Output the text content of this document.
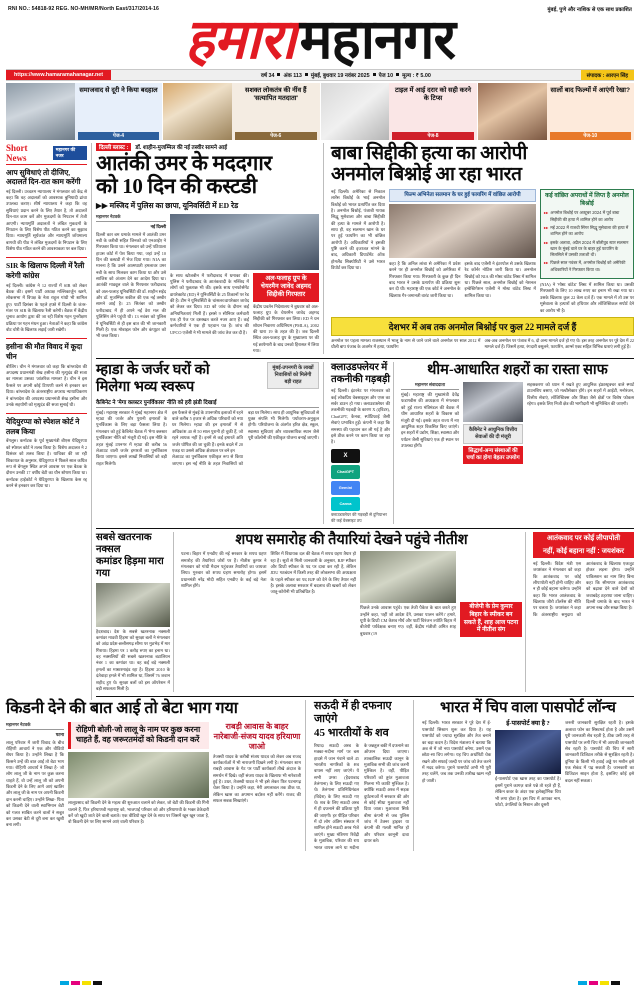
RNI NO.: 54818-92 REG. NO-MH/MR/North East/317/2014-16	मुंबई, पुणे और नाशिक से एक साथ प्रकाशित
हमारा महानगर
https://www.hamaramahanagar.net	वर्ष 34 अंक 113 मुंबई, बुधवार 19 नवंबर 2025 पेज 10 मूल्य : ₹ 5.00	संपादक : आरएन सिंह
समाजवाद से दूरी ने किया बदहाल
पेज-4
सशक्त लोकतंत्र की नींव हैं 'सत्यापित मतदाता'
पेज-6
टाइल में आई दरार को सही करने के टिप्स
पेज-8
सालों बाद फिल्मों में आएंगी रेखा?
पेज-10
Short News
महानगर की नजर
आप सुविधाएं तो दीजिए, अदालतें दिन-रात काम करेंगी
नई दिल्ली। उच्चतम न्यायालय ने मंगलवार को केंद्र से कहा कि वह अदालतों को आवश्यक बुनियादी ढांचा उपलब्ध कराए। शीर्ष न्यायालय ने कहा कि वह सुविधाएं प्रदान करने के लिए तैयार है, तो अदालतें दिन-रात काम करें और मुकदमों के निपटान में तेजी आएगी। न्यायमूर्ति अदालतों ने लंबित मुकदमों के निपटान के लिए विशेष पीठ गठित करने का सुझाव दिया। न्यायमूर्ति सूर्यकांत और न्यायमूर्ति जॉयमाल्य बागची की पीठ ने लंबित मुकदमों के निपटान के लिए विशेष पीठ गठित करने की आवश्यकता पर बल दिया।
SIR के खिलाफ दिल्ली में रैली करेगी कांग्रेस
नई दिल्ली। कांग्रेस ने 12 राज्यों में SIR को लेकर बैठक की। इसमें पार्टी अध्यक्ष मल्लिकार्जुन खरगे, लोकसभा में विपक्ष के नेता राहुल गांधी भी शामिल हुए। पार्टी दिसंबर के पहले हफ्ते में दिल्ली के जंतर-मंतर पर SIR के खिलाफ रैली करेगी। बैठक में केंद्रीय चुनाव आयोग द्वारा की जा रही विशेष गहन पुनरीक्षण प्रक्रिया पर गहन मंथन हुआ। नेताओं ने कहा कि कांग्रेस वोट चोरी के खिलाफ लड़ाई जारी रखेगी।
हसीना की मौत विवाद में कूदा चीन
बीजिंग। चीन ने मंगलवार को कहा कि बांग्लादेश की अपदस्थ प्रधानमंत्री शेख हसीना की मृत्युदंड की सजा का मामला उसका 'आंतरिक मामला' है। चीन ने इस फैसले पर अपनी कोई टिप्पणी करने से इनकार कर दिया। बांग्लादेश के अंतरराष्ट्रीय अपराध न्यायाधिकरण ने बांग्लादेश की अपदस्थ प्रधानमंत्री शेख हसीना और उनके सहयोगी को मृत्युदंड की सजा सुनाई थी।
येदियुरप्पा को स्पेशल कोर्ट ने तलब किया
बेंगलुरु। कर्नाटक के पूर्व मुख्यमंत्री बीएस येदियुरप्पा को स्पेशल कोर्ट ने तलब किया है। विशेष अदालत ने 2 दिसंबर को तलब किया है। याचिका की जा रही शिकायत के अनुसार, येदियुरप्पा ने पिछले साल कथित रूप से बेंगलुरु स्थित अपने आवास पर एक बैठक के दौरान उनकी 17 वर्षीय बेटी का यौन शोषण किया था। कर्नाटक हाईकोर्ट ने येदियुरप्पा के खिलाफ केस रद्द करने से इनकार कर दिया था।
दिल्ली ब्लास्ट :	डॉ. शाहीन-मुजम्मिल की नई तस्वीर सामने आई
आतंकी उमर के मददगार
को 10 दिन की कस्टडी
▶▶ मस्जिद में पुलिस का छापा, यूनिवर्सिटी में ED रेड
महानगर नेटवर्क
नई दिल्ली
दिल्ली कार बम धमाके मामले में आतंकी उमर नबी के करीबी सहित जिनको को एनआईए ने गिरफ्तार किया था। मंगलवार को उन्हें पटियाला हाउस कोर्ट में पेश किया गया, जहां उन्हें 10 दिन की कस्टडी में भेज दिया गया। NIA का मानना है कि उसने आत्मघाती हमलावर उमर नबी के साथ मिलकर काम किया था और उसे साजिश को अंजाम देने का आदेश दिया था। आतंकी माड्यूल वाले के गिरफ्तार फरीदाबाद को अल-फलाह यूनिवर्सिटी की डॉ. शाहीन सईद और डॉ. मुजम्मिल शकील की एक नई तस्वीर सामने आई है। 25 सितंबर को तस्वीर फरीदाबाद में ही अपने नई डेरा मल की पुलिसिंग लेने पहुंची थी। 13 नवंबर को पुलिस ने यूनिवर्सिटी से ही इस बात की भी जानकारी मिली है। एक मोबाइल फोन और कंप्यूटर को भी जब्त किया।
के साथ खोजबीन में फरीदाबाद में धमाका की। पुलिस ने फरीदाबाद के आतंकवादी के मस्जिद में लोगों को पूछताछ भी की। इसके साथ एनफोर्समेंट डायरेक्टरेट (ED) ने यूनिवर्सिटी के 25 ठिकानों पर रेड की है। टीम ने यूनिवर्सिटी के चांसलर/डायरेक्टर जावेद को लेकर कर दिया। ED को जांच के दौरान कई अनियमितताएं मिलीं हैं। इससे 9 सीनियर कर्मचारी एक ही पेज पर दस्तखत करते नजर आए हैं। कई कर्मचारियों ने एक ही पहचान पत्र हैं। जांच की UPCO एजेंसी ने भी मामले की जांच तेज कर दी है।
अल-फलाह ग्रुप के चेयरमैन जावेद अहमद सिद्दीकी गिरफ्तार
केंद्रीय प्रवर्तन निदेशालय ने बुधवार को अल-फलाह ग्रुप के चेयरमैन जावेद अहमद सिद्दीकी को गिरफ्तार कर लिया। ED ने धन शोधन निवारण अधिनियम (PMLA), 2002 की धारा 19 के तहत की है। जब दिल्ली स्थित अल-फलाह ग्रुप के मुख्यालय पर की गई छापेमारी के बाद उनको हिरासत में लिया गया।
बाबा सिद्दीकी हत्या का आरोपी
अनमोल बिश्नोई आ रहा भारत
नई दिल्ली। अमेरिका से निकाल लारेंस बिश्नोई के भाई अनमोल बिश्नोई को भारत प्रत्यर्पित कर दिया है। अनमोल बिश्नोई, पंजाबी गायक सिद्धू मूसेवाला और बाबा सिद्दीकी की हत्या के मामले में आरोपी है। साथ ही, वह सलमान खान के घर पर हुई फायरिंग का भी वांछित आरोपी है। अधिकारियों ने इसकी पुष्टि करने की इजाजत मांगने के बाद, अधिकारी डिपार्टमेंट ऑफ होमलैंड सिक्योरिटी ने उसे भारत डिपोर्ट कर दिया था।
फिल्म अभिनेता सलमान के घर हुई फायरिंग में वांछित आरोपी
कहा है कि अनिल लांबा से अमेरिका में प्रवेश करने पर ही अनमोल बिश्नोई को अमेरिका में गिरफ्तार किया गया। गिरफ्तारी के कुछ ही दिन बाद भारत ने उसके प्रत्यर्पण की प्रक्रिया शुरू कर दी थी। महाराष्ट्र की एक कोर्ट ने अनमोल के खिलाफ गैर-जमानती वारंट जारी किया था।
इसके बाद एजेंसी ने इंटरपोल से उसके खिलाफ रेड कॉर्नर नोटिस जारी किया था। अनमोल बिश्नोई को NIA की मोस्ट वांटेड लिस्ट में शामिल था। पिछले साल, अनमोल बिश्नोई को नेशनल इन्वेस्टिगेशन एजेंसी ने मोस्ट वांटेड लिस्ट में शामिल किया था।
कई वांछित अपराधों में लिप्त है अनमोल बिश्नोई
▸▸ अनमोल बिश्नोई पर अक्टूबर 2024 में पूर्व बाबा सिद्दीकी की हत्या में शामिल होने का आरोप
▸▸ मई 2022 में राजधी सिंगर सिद्धू मूसेवाला की हत्या में शामिल होने का आरोप
▸▸ इसके अलावा, अप्रैल 2024 में बॉलीवुड स्टार सलमान खान के मुंबई वाले घर के बाहर हुई फायरिंग के सिलसिले में उसकी तलाशी थी।
▸▸ पिछले साल नवंबर में, अनमोल बिश्नोई को अमेरिकी अधिकारियों ने गिरफ्तार किया था।
(NIA) ने 'मोस्ट वांटेड' लिस्ट में शामिल किया था। उसकी गिरफ्तारी के लिए 10 लाख रुपए का इनाम भी रखा गया था। उसके खिलाफ कुल 22 केस दर्ज हैं। एक मामले में तो उस पर मूसेवाला के हत्यारों को हथियार और लॉजिस्टिकल सपोर्ट देने का आरोप भी है।
देशभर में अब तक अनमोल बिश्नोई पर कुल 22 मामले दर्ज हैं
अनमोल पर पहला मामला राजस्थान में भालू के नाम से जाने जाने वाले अनमोल पर साल 2012 में धौली बाप पंजाब के अजमेर में हत्या, फायरिंग
अब-अब अनमोल पर पंजाब में 6, दो अन्य मामले दर्ज हो गए थे। इस तरह अनमोल पर पूरे देश में 22 मामले दर्ज हैं। जिसमें हत्या, रंगदारी वसूलने, फायरिंग, आर्म्स एक्ट सहित विभिन्न धाराएं लगी हुई हैं।
म्हाडा के जर्जर घरों को
मिलेगा भव्य स्वरूप
मुंबई-उपनगरी के लाखों निवासियों को मिलेगी बड़ी राहत
कैबिनेट ने 'मेगा क्लस्टर पुनर्विकास' नीति को हरी झंडी दिखाई
मुंबई। महाराष्ट्र सरकार ने मुंबई महानगर क्षेत्र में म्हाडा की जर्जर और पुरानी इमारतों के पुनर्विकास के लिए बड़ा फैसला लिया है। मंगलवार को हुई कैबिनेट बैठक में 'मेगा क्लस्टर पुनर्विकास' नीति को मंजूरी दी गई। इस नीति के तहत मुंबई उपनगर में म्हाडा की करीब 56 लेआउट वाली जर्जर इमारतों का पुनर्विकास किया जाएगा। इससे लाखों निवासियों को बड़ी राहत मिलेगी।
इस फैसले से मुंबई के उपनगरीय इलाकों में रहने वाले करीब 5 हजार से अधिक परिवारों को नया घर मिलेगा। म्हाडा की इन इमारतों में से अधिकांश 40 से 50 साल पुरानी हो चुकी हैं, जो रहने लायक नहीं हैं। इनमें से कई इमारतें अति जर्जर घोषित की जा चुकी हैं। इनके बदले में 20 एकड़ या उससे अधिक क्षेत्रफल पर बने इन
लेआउट का पुनर्विकास एकीकृत रूप से किया जाएगा। इस नई नीति के तहत निवासियों को बड़ा घर मिलेगा। साथ ही आधुनिक सुविधाओं से युक्त संपत्ति भी मिलेगी। पर्यावरण-अनुकूल होगी। परियोजना के अंतर्गत हरित क्षेत्र, स्कूल, स्वास्थ्य सुविधाएं और व्यावसायिक स्थान जैसे पूरी कॉलोनी की एकीकृत योजना बनाई जाएगी।
क्लाउडफ्लेयर में
तकनीकी गड़बड़ी
नई दिल्ली। इंटरनेट पर मंगलवार को कई लोकप्रिय वेबसाइट्स और एप्स का सर्वर डाउन हो गया। क्लाउडफ्लेयर की तकनीकी गड़बड़ी के कारण X (ट्विटर), ChatGPT, कैनवा, स्पॉटिफाई जैसी सेवाएं प्रभावित हुईं। कंपनी ने कहा कि समस्या की पहचान कर ली गई है और इसे ठीक करने पर काम किया जा रहा है।
X
ChatGPT
Gemini
Canva
क्लाउडफ्लेयर की गड़बड़ी से दुनियाभर की कई वेबसाइट ठप
थीम-आधारित शहरों का रास्ता साफ
महानगर संवाददाता
मुंबई। महाराष्ट्र की मुख्यमंत्री देवेंद्र फडणवीस की अध्यक्षता में मंगलवार को हुई राज्य मंत्रिमंडल की बैठक में थीम आधारित शहरों के विकास को मंजूरी दी गई। इसके तहत राज्य में नए आधुनिक शहर विकसित किए जाएंगे। इन शहरों में उद्योग, शिक्षा, स्वास्थ्य और पर्यटन जैसी सुविधाएं एक ही स्थान पर उपलब्ध होंगी।
कैबिनेट ने आधुनिक वित्तीय सेवाओं की दी मंजूरी
सिद्धार्थ-अन्य संस्थाओं की चर्चा का होगा बेहतर उपयोग
सहस्रकरण को ध्यान में रखते हुए आधुनिक इंफ्रास्ट्रक्चर वाले स्मार्ट टाउनशिप बसाए, जो मल्टीसेक्टर होंगे। इन शहरों में आईटी, मनोरंजन, वित्तीय सेवाएं, लॉजिस्टिक्स और शिक्षा जैसे क्षेत्रों पर विशेष फोकस रहेगा। इसके लिए निजी क्षेत्र की भागीदारी भी सुनिश्चित की जाएगी।
सबसे खतरनाक नक्सल
कमांडर हिड़मा मारा गया
हैदराबाद। देश के सबसे खतरनाक नक्सली कमांडर माडवी हिड़मा को सुरक्षा बलों ने मंगलवार को आंध्र प्रदेश-छत्तीसगढ़ सीमा पर मुठभेड़ में मार गिराया। हिड़मा पर 1 करोड़ रुपए का इनाम था। वह नक्सलियों की सबसे खतरनाक बटालियन नंबर 1 का कमांडर था। वह कई बड़े नक्सली हमलों का मास्टरमाइंड रहा है। हिड़मा 2010 के दंतेवाड़ा हमले में भी शामिल था, जिसमें 76 जवान शहीद हुए थे। सुरक्षा बलों को इस ऑपरेशन में बड़ी सफलता मिली है।
शपथ समारोह की तैयारियां देखने पहुंचे नीतीश
पटना। बिहार में एनडीए की नई सरकार के शपथ ग्रहण समारोह की तैयारियां जोरों पर हैं। नीतीश कुमार ने मंगलवार को गांधी मैदान पहुंचकर तैयारियों का जायजा लिया। गुरुवार को शपथ ग्रहण समारोह होगा। इसमें प्रधानमंत्री नरेंद्र मोदी सहित एनडीए के कई बड़े नेता शामिल होंगे।
शिविर में विधायक दल की बैठक में शपथ ग्रहण तैयार हो रहा है। सूत्रों से मिली जानकारी के अनुसार, BJP स्पीकर और डिप्टी स्पीकर के पद पर दावा कर रही है, लेकिन JDU गठबंधन में किसी तरह की लोकसभा की अध्यक्षता के पहले स्पीकर का पद BJP को देने के लिए तैयार नहीं है। इसके अलावा सरकार में बदलाव की खबरों को लेकर जातू-कोरोनी भी प्रतिबंधित है।
पिछले उनके आवास पहुंचे। एक तेजी पैकेज के बात करते हुए उन्होंने कहा, 'वहीं जो आदेश देंगे, उसका पालन करेंगे।' हमारे, यूपी के डिप्टी CM केशव मौर्य और पार्टी चिरंजन ज्योति विहार में बीजेपी पर्यवेक्षक बनाए गए। वहीं, केंद्रीय मंत्रीजी अमित शाह बुधवार (19
बीजेपी के प्रेम कुमार बिहार के स्पीकर बन सकते हैं, शाह आज पटना में नीतीश संग
आतंकवाद पर कोई लीपापोती
नहीं, कोई बहाना नहीं : जयशंकर
नई दिल्ली। विदेश मंत्री एस जयशंकर ने मंगलवार को कहा कि आतंकवाद पर कोई लीपापोती नहीं होनी चाहिए और न ही कोई बहाना चलेगा। उन्होंने कहा कि भारत आतंकवाद के खिलाफ जीरो टॉलरेंस की नीति पर चलता है। जयशंकर ने कहा कि अंतरराष्ट्रीय समुदाय को आतंकवाद के खिलाफ एकजुट होकर लड़ना होगा। उन्होंने पाकिस्तान का नाम लिए बिना कहा कि सीमापार आतंकवाद को बढ़ावा देने वाले देशों को जवाबदेह ठहराया जाना चाहिए। दिल्ली धमाके के बाद भारत ने अपना रुख और सख्त किया है।
किडनी देने की बात आई तो बेटा भाग गया
महानगर नेटवर्क
पटना
लालू परिवार में जारी विवाद के बीच रोहिणी आचार्य ने एक और वीडियो शेयर किया है। उन्होंने लिखा है कि किसने उन्हें की बात आई तो बेटा भाग गया। रोहिणी आचार्य ने लिखा है- जो लोग लालू जी के नाम पर कुछ करना चाहते हैं, वो उन्हें लालू जी को अपनी किडनी देने के लिए आगे आएं खातिर और लालू जी के नाम पर अपनी किडनी दान करनी चाहिए। उन्होंने लिखा- पिता को किडनी देने वाली स्वाभिमान बेटी को गलत साबित करने वालों ने सबूत कर उसका बेटी से दूरी बना कर खुशी बना लगी।
रोहिणी बोली-जो लालू के नाम पर कुछ करना चाहते हैं, वह जरूरतमंदों को किडनी दान करें
लालूप्रसाद को किडनी देने के महत्व की शुरुआत चलाने को लेकर, जो बेटी की किडनी की गिनी चलाने हैं, फिर हरियाणवी महाराष्ट्र को, भाजपाई परिवार को और हरियाणवी के भक्त ठेकेदारी करें जो खुदी जाते देने वाली बताते। एक वीडियो खून देने के साथ पर जिसमें खून खून जाता है, वो किडनी देने पर लिए सामने आएं वाली परिवार है।
राबड़ी आवास के बाहर नारेबाजी-संजय यादव हरियाणा जाओ
तेजस्वी यादव के करीबी संजय यादव को लेकर अब राजद कार्यकर्ताओं में भी नाराजगी दिखने लगी है। मंगलवार शाम राबड़ी आवास के गेट पर पार्टी कार्यकर्ता तीखे अंदाज के समर्थन में दिखे। वहीं संजय यादव के खिलाफ भी नारेबाजी हुई है। उधर, तेजस्वी यादव ने भी इसे लेकर फिर पटनागढ़ चेतर किया है। उन्होंने कहा, मेरी अगलाबल तक ठीक था, लेकिन खास का अपमान बर्दाश्त नहीं करेंगे। राजद की सफल सबक सिखाएंगे।
सऊदी में ही दफनाए जाएंगे
45 भारतीयों के शव
रियाद। सऊदी अरब के मक्का-मदीना मार्ग पर बस हादसे में जान गंवाने वाले 45 भारतीय नागरिकों के शव वापस नहीं लाए जाएंगे। ये सभी उमरा (हैदराबाद तेलंगाना) के लिए सऊदी गए थे। तेलंगाना प्रतिनिधिमंडल (विदेश) के लिए सऊदी गए थे। शव के लिए सऊदी अरब में ही दफनाने की प्रक्रिया पूरी की जाएगी। हर पीड़ित परिवार में दो लोग अंतिम संस्कार में शामिल होने सऊदी अरब भेजे जाएंगे। मुख्य मंत्रिगण रिवेंद्री के मुताबिक, परिवार की राय भारत वापस लाने या मदीना के जन्नतुल बकी में दफनाने का ऑप्शन दिया जाएगा। तात्कालिक सऊदी कानून के मुताबिक सभी की जांच करनी मुश्किल है। वहीं, पीड़ित परिवारों को तुरंत मुआवजा मिलना भी काफी मुश्किल है। क्योंकि सऊदी अरब में सड़क दुर्घटनाओं में सरकार की ओर से कोई सीधा मुआवजा नहीं दिया जाता। मुआवजा सिर्फ बीमा कंपनी से जब पुलिस जांच में टेक्नर ड्राइवर या कंपनी की गलती मानित हो और परिवार कानूनी दावा दायर करे।
भारत में चिप वाला पासपोर्ट लॉन्च
नई दिल्ली। भारत सरकार ने पूरे देश में ई-पासपोर्ट सिस्टम शुरू कर दिया है। यह पासपोर्ट को ज्यादा सुरक्षित और तेज बनाने का बड़ा कदम है। विदेश मंत्रालय ने बताया कि अब से में जो नया पासपोर्ट बनेगा, उसमें एक छोटा-सा चिप लगेगा। यह चिप अथॉरिटी चेक रखने और सफाई जल्दी पर जांच को तेज करने में मदद करेगा। पुराने पासपोर्ट अभी भी पूरी तरह चलेंगे, जब तक उनकी तारीख खत्म नहीं हो जाती।
ई-पासपोर्ट क्या है ?
ई-पासपोर्ट एक खास तरह का पासपोर्ट है। इसमें पुराने कागज़ वाले पन्ने तो रहते ही हैं, लेकिन कवर के अंदर एक इलेक्ट्रॉनिक चिप भी लगा होता है। इस चिप में आपका नाम, फोटो, उंगलियों के निशान और दूसरी
जरूरी जानकारी सुरक्षित रहती है। इसके अलावा फोन का सिस्टमर्ड होता है और उसमें पूरी जानकारी सेव रहती है, ठीक उसी तरह से पासपोर्ट पर लगी चिप में भी आपकी जानकारी सेव रहती है। पासपोर्ट की चिप में सारी जानकारी डिजिटल तरीके से सुरक्षित रहती है। दुनिया के किसी भी हवाई अड्डे पर मशीन इसे एक सेकंड में पढ़ सकती है। जानकारी का डिजिटल साइन होता है, इसलिए कोई इसे बदल नहीं सकता।
